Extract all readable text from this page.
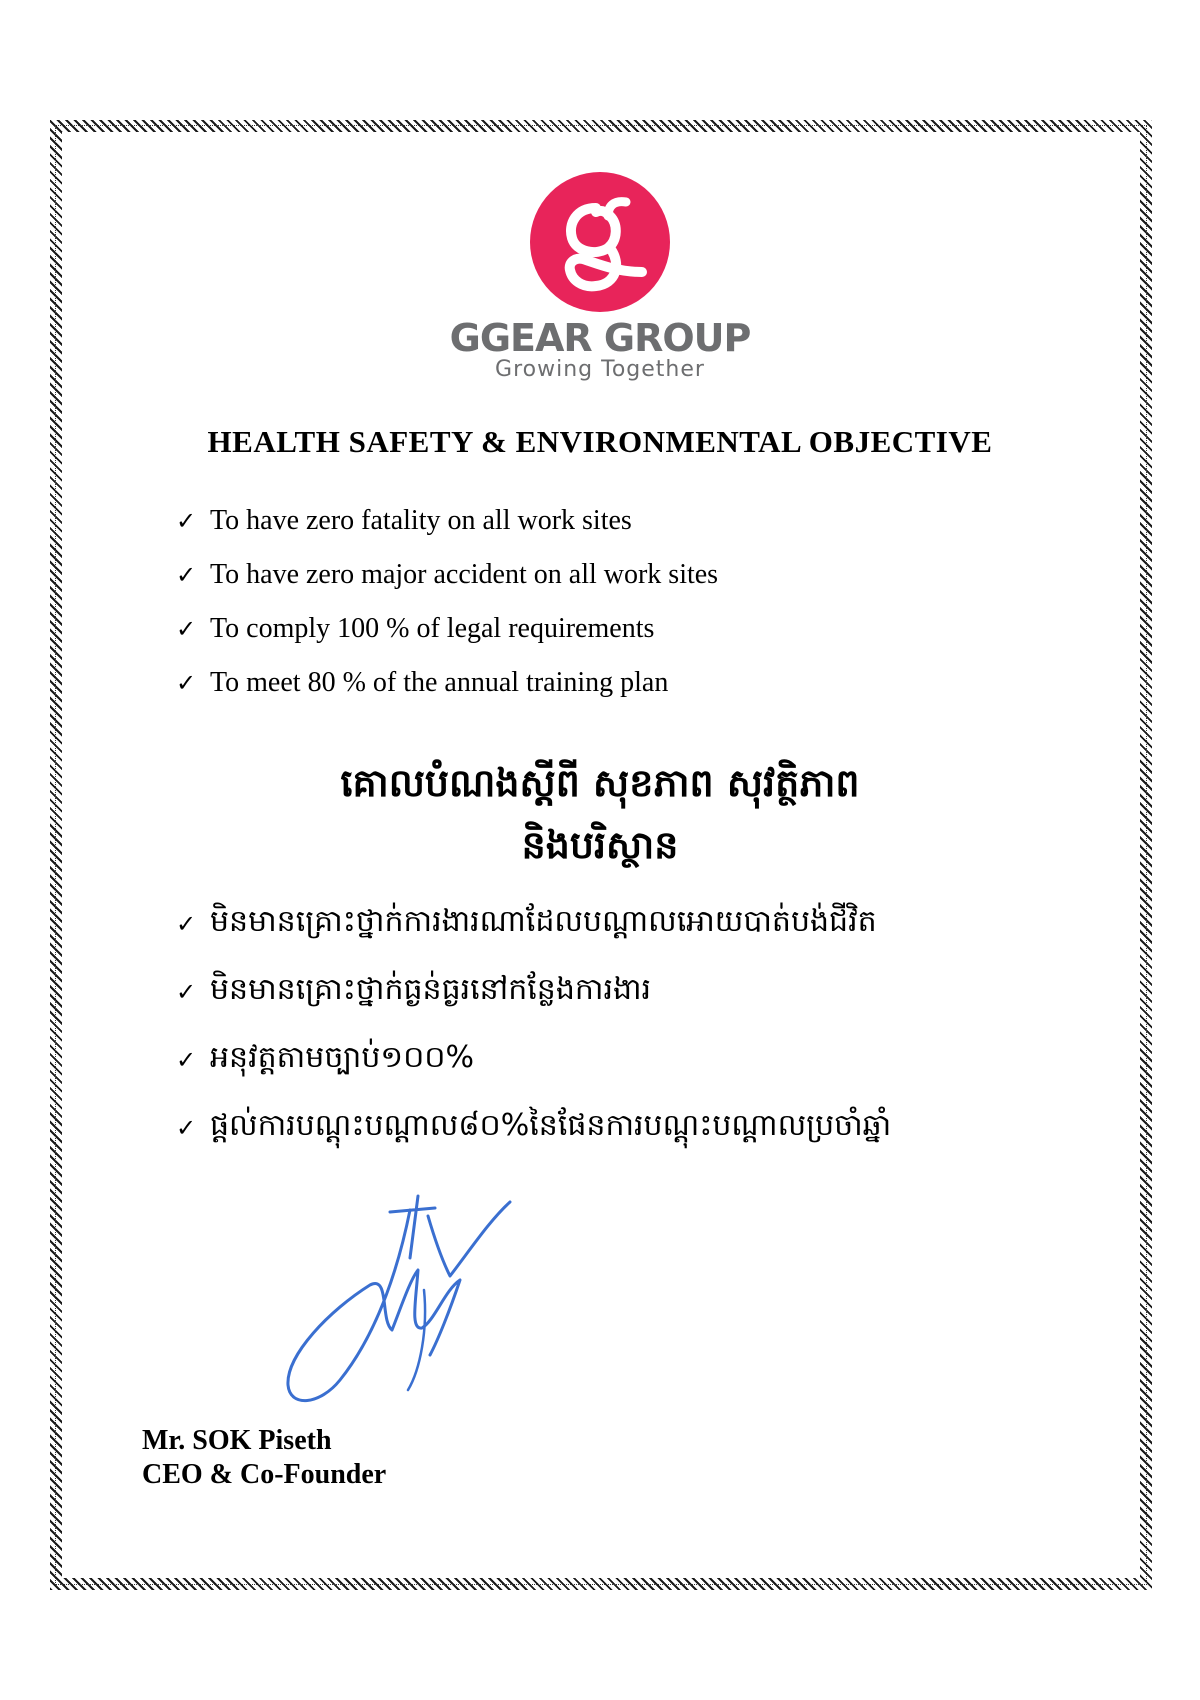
GGEAR GROUP
Growing Together
HEALTH SAFETY & ENVIRONMENTAL OBJECTIVE
✓ To have zero fatality on all work sites
✓ To have zero major accident on all work sites
✓ To comply 100 % of legal requirements
✓ To meet 80 % of the annual training plan
គោលបំណងស្ដីពី សុខភាព សុវត្ថិភាព
និងបរិស្ថាន
✓ មិនមានគ្រោះថ្នាក់ការងារណាដែលបណ្តាលអោយបាត់បង់ជីវិត
✓ មិនមានគ្រោះថ្នាក់ធ្ងន់ធ្ងរនៅកន្លែងការងារ
✓ អនុវត្តតាមច្បាប់១០០%
✓ ផ្ដល់ការបណ្ដុះបណ្ដាល៨០%នៃផែនការបណ្ដុះបណ្ដាលប្រចាំឆ្នាំ
Mr. SOK Piseth
CEO & Co-Founder
